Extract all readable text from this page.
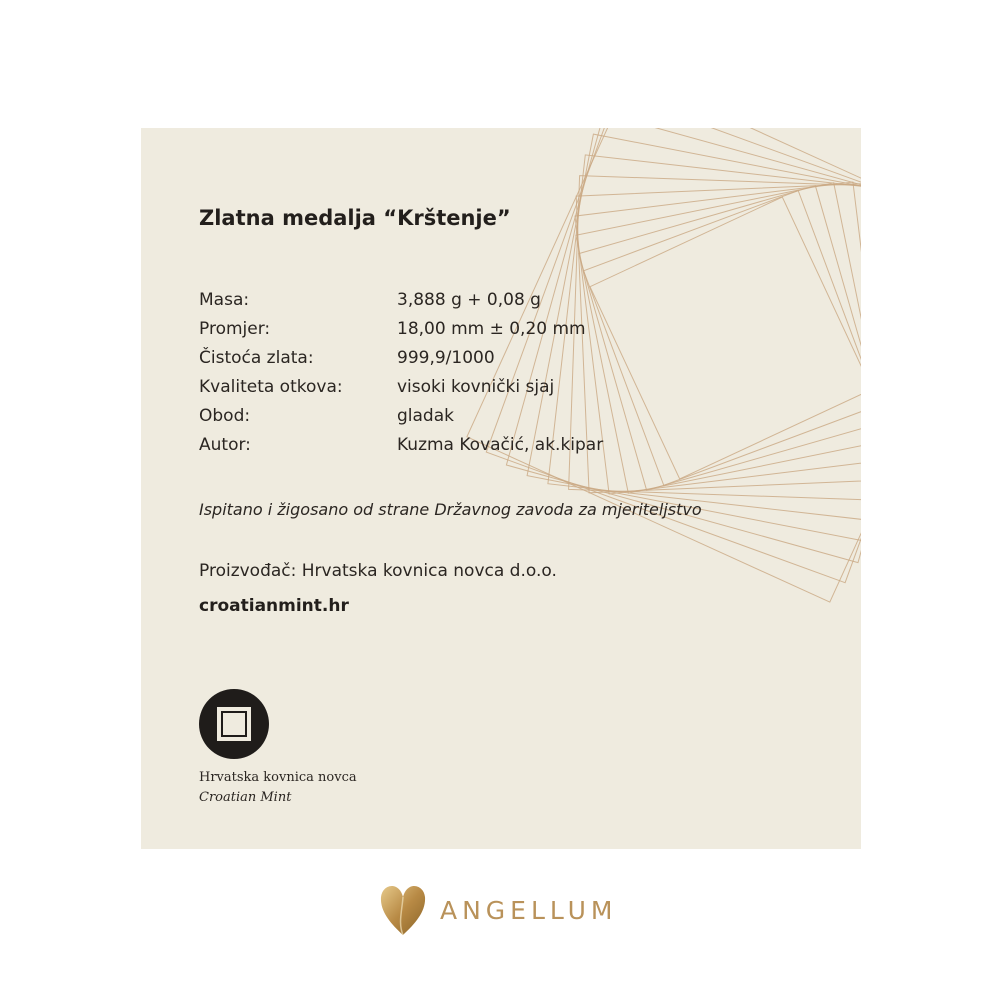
Zlatna medalja “Krštenje”
Masa:	3,888 g + 0,08 g
Promjer:	18,00 mm ± 0,20 mm
Čistoća zlata:	999,9/1000
Kvaliteta otkova:	visoki kovnički sjaj
Obod:	gladak
Autor:	Kuzma Kovačić, ak.kipar
Ispitano i žigosano od strane Državnog zavoda za mjeriteljstvo
Proizvođač: Hrvatska kovnica novca d.o.o.
croatianmint.hr
Hrvatska kovnica novca
Croatian Mint
ANGELLUM
